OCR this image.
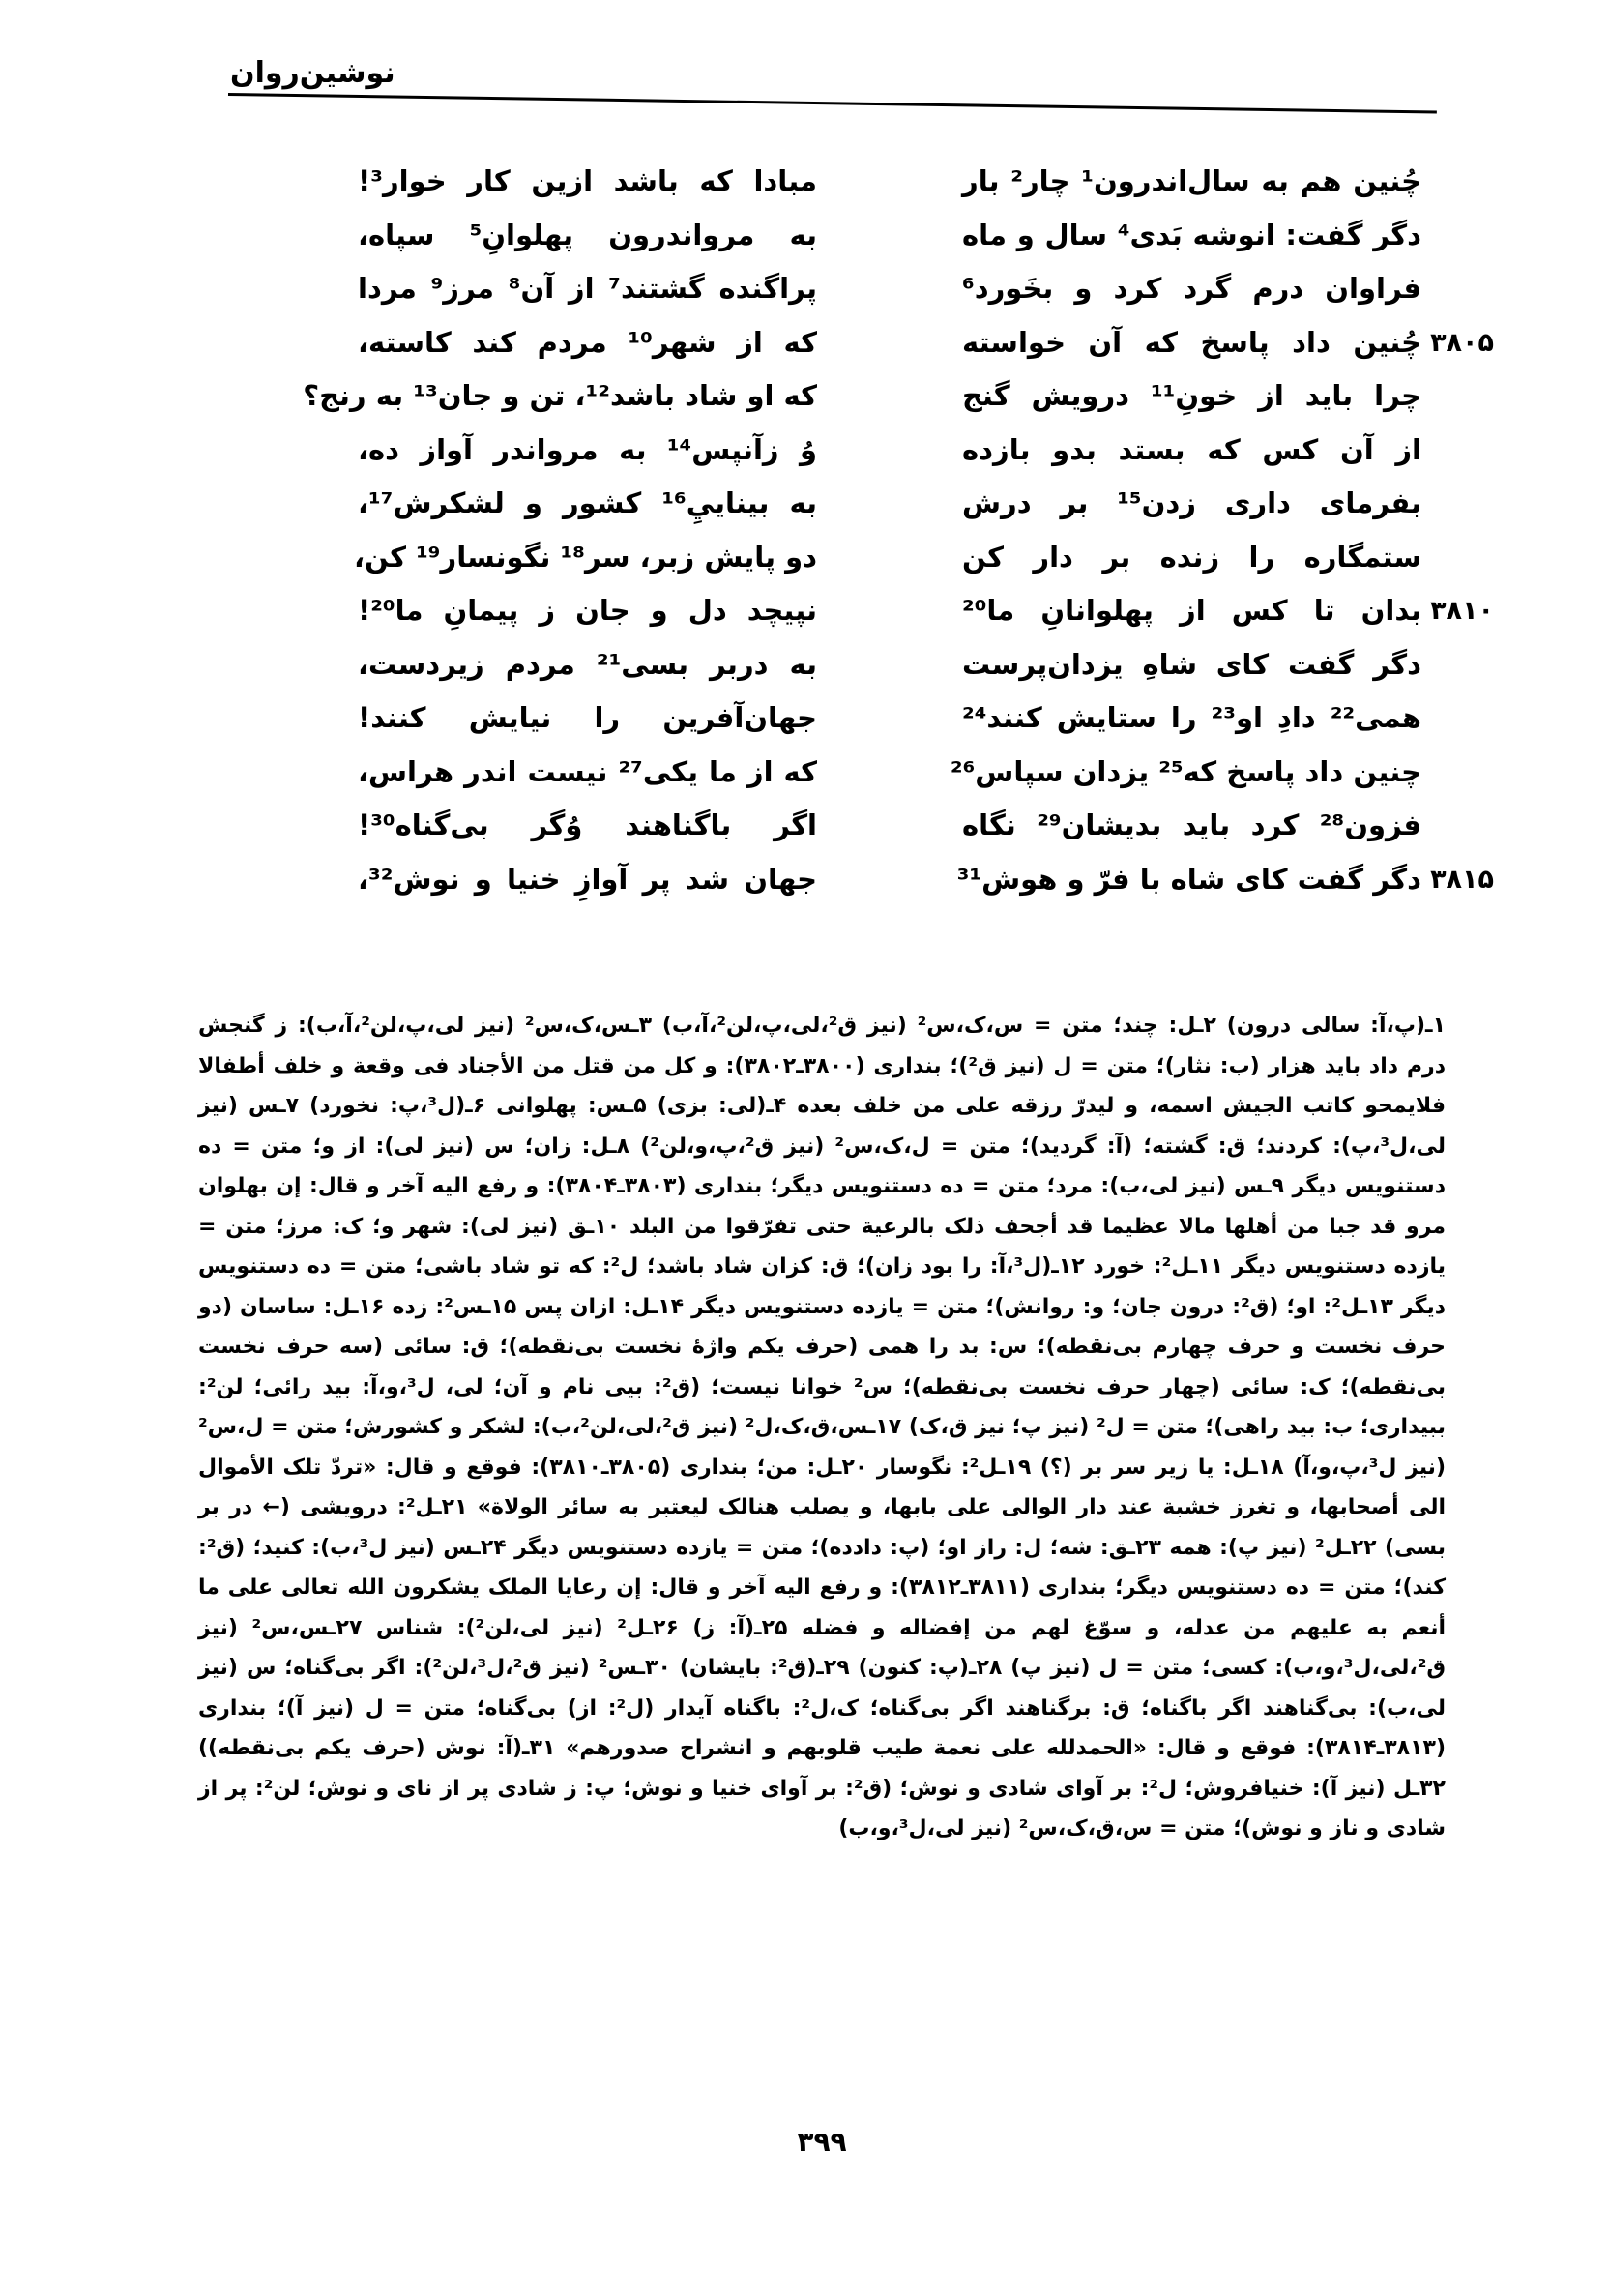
نوشین‌روان
چُنین هم به سال‌اندرون¹ چار² بار
دگر گفت: انوشه بَدی⁴ سال و ماه
فراوان درم گرد کرد و بخَورد⁶
چُنین داد پاسخ که آن خواسته ۳۸۰۵
چرا باید از خونِ¹¹ درویش گنج
از آن کس که بستد بدو بازده
بفرمای داری زدن¹⁵ بر درش
ستمگاره را زنده بر دار کن
بدان تا کس از پهلوانانِ ما²⁰ ۳۸۱۰
دگر گفت کای شاهِ یزدان‌پرست
همی²² دادِ او²³ را ستایش کنند²⁴
چنین داد پاسخ که²⁵ یزدان سپاس²⁶
فزون²⁸ کرد باید بدیشان²⁹ نگاه
دگر گفت کای شاه با فرّ و هوش³¹ ۳۸۱۵
مبادا که باشد ازین کار خوار³!
به مرواندرون پهلوانِ⁵ سپاه،
پراگنده گشتند⁷ از آن⁸ مرز⁹ مردا
که از شهر¹⁰ مردم کند کاسته،
که او شاد باشد¹²، تن و جان¹³ به رنج؟
وُ زآنپس¹⁴ به مرواندر آواز ده،
به بینایيِ¹⁶ کشور و لشکرش¹⁷،
دو پایش زبر، سر¹⁸ نگونسار¹⁹ کن،
نپیچد دل و جان ز پیمانِ ما²⁰!
به دربر بسی²¹ مردم زیردست،
جهان‌آفرین را نیایش کنند!
که از ما یکی²⁷ نیست اندر هراس،
اگر باگناهند وُگر بی‌گناه³⁰!
جهان شد پر آوازِ خنیا و نوش³²،

۱ـ(پ،آ: سالی درون) ۲ـل: چند؛ متن = س،ک،س² (نیز ق²،لی،پ،لن²،آ،ب) ۳ـس،ک،س² (نیز لی،پ،لن²،آ،ب): ز گنجش درم داد باید هزار (ب: نثار)؛ متن = ل (نیز ق²)؛ بنداری (۳۸۰۰ـ۳۸۰۲): و کل من قتل من الأجناد فی وقعة و خلف أطفالا فلایمحو کاتب الجیش اسمه، و لیدرّ رزقه علی من خلف بعده ۴ـ(لی: بزی) ۵ـس: پهلوانی ۶ـ(ل³،پ: نخورد) ۷ـس (نیز لی،ل³،پ): کردند؛ ق: گشته؛ (آ: گردید)؛ متن = ل،ک،س² (نیز ق²،پ،و،لن²) ۸ـل: زان؛ س (نیز لی): از و؛ متن = ده دستنویس دیگر ۹ـس (نیز لی،ب): مرد؛ متن = ده دستنویس دیگر؛ بنداری (۳۸۰۳ـ۳۸۰۴): و رفع الیه آخر و قال: إن بهلوان مرو قد جبا من أهلها مالا عظیما قد أجحف ذلک بالرعیة حتی تفرّقوا من البلد ۱۰ـق (نیز لی): شهر و؛ ک: مرز؛ متن = یازده دستنویس دیگر ۱۱ـل²: خورد ۱۲ـ(ل³،آ: را بود زان)؛ ق: کزان شاد باشد؛ ل²: که تو شاد باشی؛ متن = ده دستنویس دیگر ۱۳ـل²: او؛ (ق²: درون جان؛ و: روانش)؛ متن = یازده دستنویس دیگر ۱۴ـل: ازان پس ۱۵ـس²: زده ۱۶ـل: ساسان (دو حرف نخست و حرف چهارم بی‌نقطه)؛ س: بد را همی (حرف یکم واژهٔ نخست بی‌نقطه)؛ ق: سائی (سه حرف نخست بی‌نقطه)؛ ک: سائی (چهار حرف نخست بی‌نقطه)؛ س² خوانا نیست؛ (ق²: بیی نام و آن؛ لی، ل³،و،آ: بید رائی؛ لن²: ببیداری؛ ب: بید راهی)؛ متن = ل² (نیز پ؛ نیز ق،ک) ۱۷ـس،ق،ک،ل² (نیز ق²،لی،لن²،ب): لشکر و کشورش؛ متن = ل،س² (نیز ل³،پ،و،آ) ۱۸ـل: یا زیر سر بر (؟) ۱۹ـل²: نگوسار ۲۰ـل: من؛ بنداری (۳۸۰۵ـ۳۸۱۰): فوقع و قال: «تردّ تلک الأموال الی أصحابها، و تغرز خشبة عند دار الوالی علی بابها، و یصلب هنالک لیعتبر به سائر الولاة» ۲۱ـل²: درویشی (← در بر بسی) ۲۲ـل² (نیز پ): همه ۲۳ـق: شه؛ ل: راز او؛ (پ: دادده)؛ متن = یازده دستنویس دیگر ۲۴ـس (نیز ل³،ب): کنید؛ (ق²: کند)؛ متن = ده دستنویس دیگر؛ بنداری (۳۸۱۱ـ۳۸۱۲): و رفع الیه آخر و قال: إن رعایا الملک یشکرون الله تعالی علی ما أنعم به علیهم من عدله، و سوّغ لهم من إفضاله و فضله ۲۵ـ(آ: ز) ۲۶ـل² (نیز لی،لن²): شناس ۲۷ـس،س² (نیز ق²،لی،ل³،و،ب): کسی؛ متن = ل (نیز پ) ۲۸ـ(پ: کنون) ۲۹ـ(ق²: بایشان) ۳۰ـس² (نیز ق²،ل³،لن²): اگر بی‌گناه؛ س (نیز لی،ب): بی‌گناهند اگر باگناه؛ ق: برگناهند اگر بی‌گناه؛ ک،ل²: باگناه آیدار (ل²: از) بی‌گناه؛ متن = ل (نیز آ)؛ بنداری (۳۸۱۳ـ۳۸۱۴): فوقع و قال: «الحمدلله علی نعمة طیب قلوبهم و انشراح صدورهم» ۳۱ـ(آ: نوش (حرف یکم بی‌نقطه)) ۳۲ـل (نیز آ): خنیافروش؛ ل²: بر آوای شادی و نوش؛ (ق²: بر آوای خنیا و نوش؛ پ: ز شادی پر از نای و نوش؛ لن²: پر از شادی و ناز و نوش)؛ متن = س،ق،ک،س² (نیز لی،ل³،و،ب)

۳۹۹
